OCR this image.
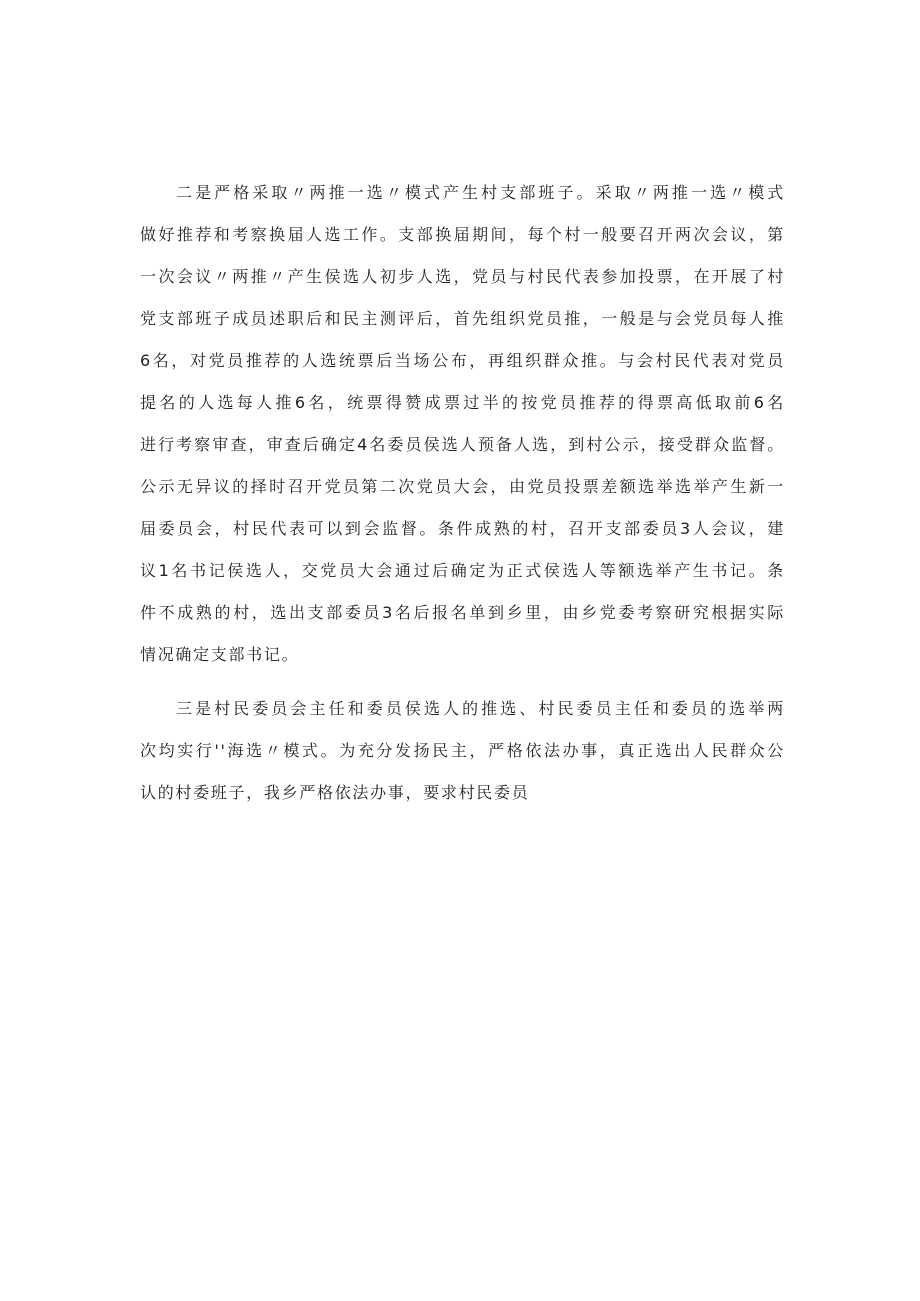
二是严格采取〃两推一选〃模式产生村支部班子。采取〃两推一选〃模式
做好推荐和考察换届人选工作。支部换届期间，每个村一般要召开两次会议，第
一次会议〃两推〃产生侯选人初步人选，党员与村民代表参加投票，在开展了村
党支部班子成员述职后和民主测评后，首先组织党员推，一般是与会党员每人推
6名，对党员推荐的人选统票后当场公布，再组织群众推。与会村民代表对党员
提名的人选每人推6名，统票得赞成票过半的按党员推荐的得票高低取前6名
进行考察审查，审查后确定4名委员侯选人预备人选，到村公示，接受群众监督。
公示无异议的择时召开党员第二次党员大会，由党员投票差额选举选举产生新一
届委员会，村民代表可以到会监督。条件成熟的村，召开支部委员3人会议，建
议1名书记侯选人，交党员大会通过后确定为正式侯选人等额选举产生书记。条
件不成熟的村，选出支部委员3名后报名单到乡里，由乡党委考察研究根据实际
情况确定支部书记。
三是村民委员会主任和委员侯选人的推选、村民委员主任和委员的选举两
次均实行''海选〃模式。为充分发扬民主，严格依法办事，真正选出人民群众公
认的村委班子，我乡严格依法办事，要求村民委员
